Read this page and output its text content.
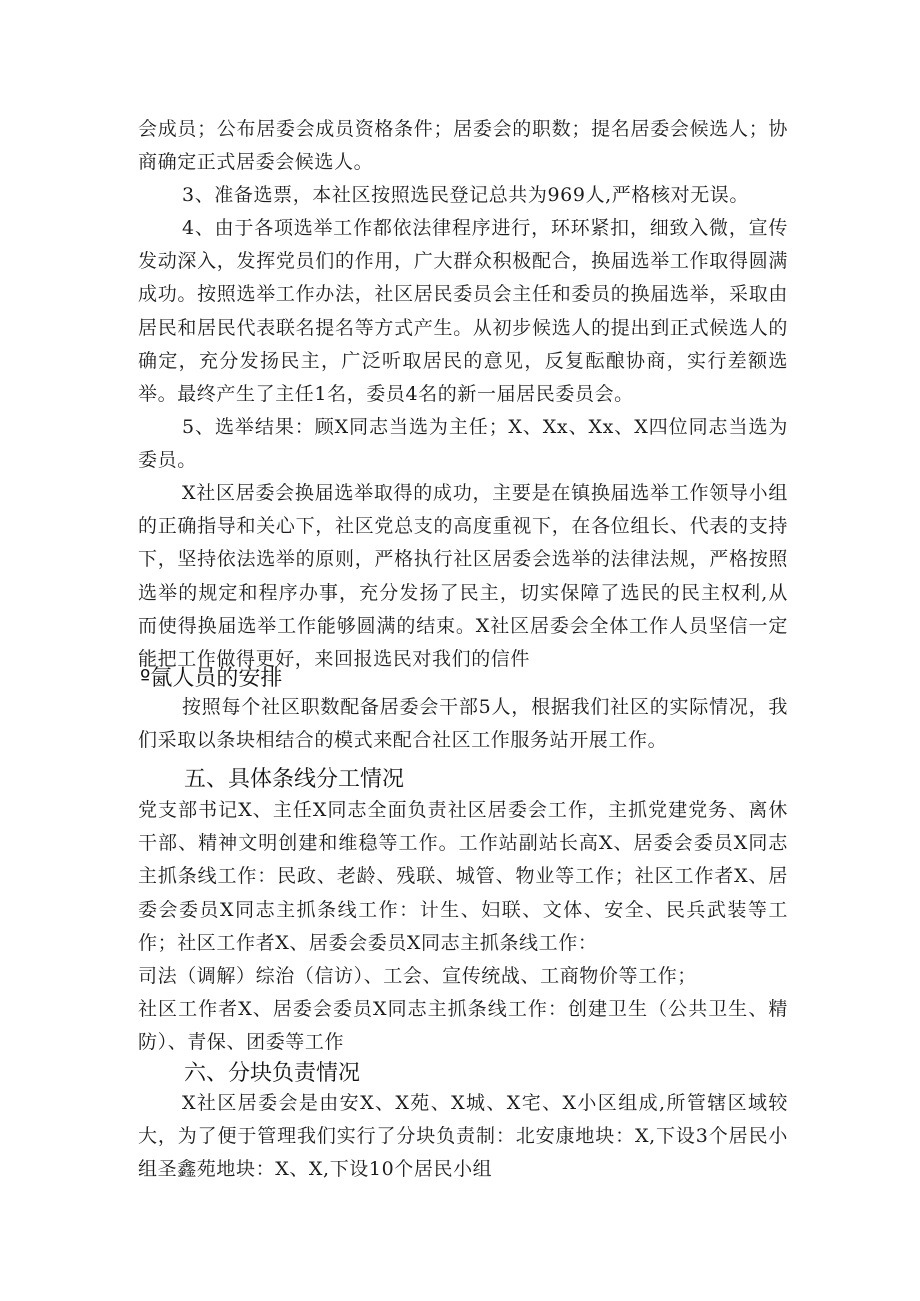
会成员；公布居委会成员资格条件；居委会的职数；提名居委会候选人；协商确定正式居委会候选人。

3、准备选票，本社区按照选民登记总共为969人,严格核对无误。

4、由于各项选举工作都依法律程序进行，环环紧扣，细致入微，宣传发动深入，发挥党员们的作用，广大群众积极配合，换届选举工作取得圆满成功。按照选举工作办法，社区居民委员会主任和委员的换届选举，采取由居民和居民代表联名提名等方式产生。从初步候选人的提出到正式候选人的确定，充分发扬民主，广泛听取居民的意见，反复酝酿协商，实行差额选举。最终产生了主任1名，委员4名的新一届居民委员会。

5、选举结果：顾X同志当选为主任；X、Xx、Xx、X四位同志当选为委员。

X社区居委会换届选举取得的成功，主要是在镇换届选举工作领导小组的正确指导和关心下，社区党总支的高度重视下，在各位组长、代表的支持下，坚持依法选举的原则，严格执行社区居委会选举的法律法规，严格按照选举的规定和程序办事，充分发扬了民主，切实保障了选民的民主权利,从而使得换届选举工作能够圆满的结束。X社区居委会全体工作人员坚信一定能把工作做得更好，来回报选民对我们的信件

º氤人员的安排

按照每个社区职数配备居委会干部5人，根据我们社区的实际情况，我们采取以条块相结合的模式来配合社区工作服务站开展工作。

五、具体条线分工情况

党支部书记X、主任X同志全面负责社区居委会工作，主抓党建党务、离休干部、精神文明创建和维稳等工作。工作站副站长高X、居委会委员X同志主抓条线工作：民政、老龄、残联、城管、物业等工作；社区工作者X、居委会委员X同志主抓条线工作：计生、妇联、文体、安全、民兵武装等工作；社区工作者X、居委会委员X同志主抓条线工作：

司法（调解）综治（信访）、工会、宣传统战、工商物价等工作；

社区工作者X、居委会委员X同志主抓条线工作：创建卫生（公共卫生、精防）、青保、团委等工作

六、分块负责情况

X社区居委会是由安X、X苑、X城、X宅、X小区组成,所管辖区域较大，为了便于管理我们实行了分块负责制：北安康地块：X,下设3个居民小组圣鑫苑地块：X、X,下设10个居民小组
